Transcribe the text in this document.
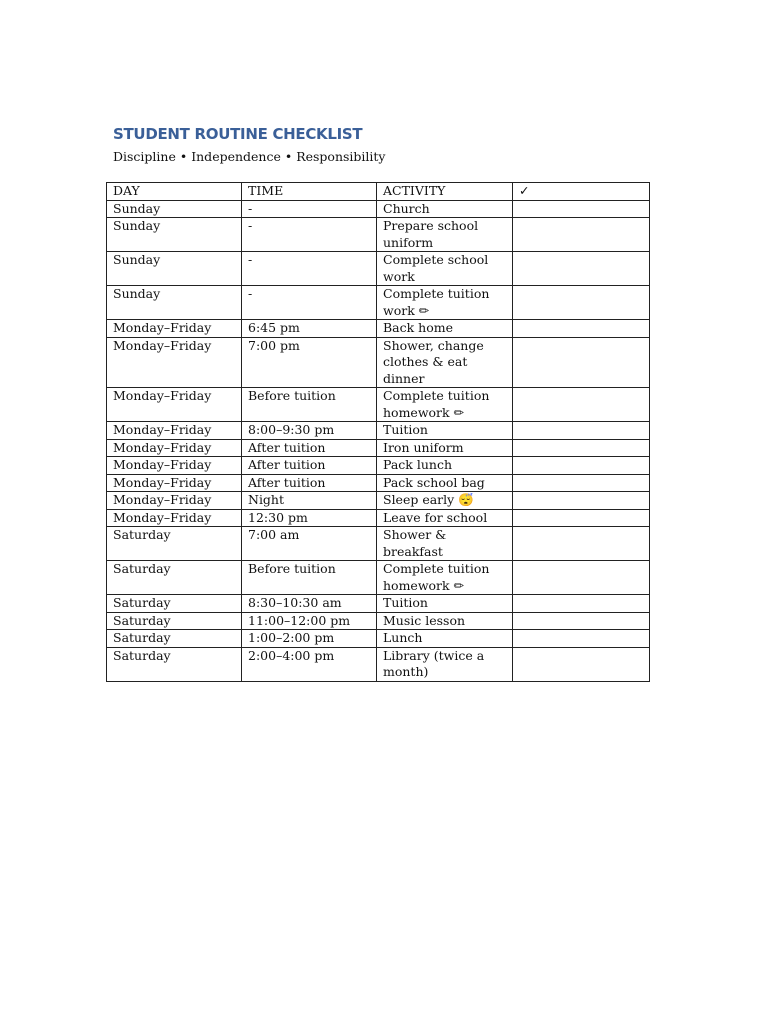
STUDENT ROUTINE CHECKLIST
Discipline • Independence • Responsibility
DAY	TIME	ACTIVITY	✓
Sunday	-	Church	
Sunday	-	Prepare school uniform	
Sunday	-	Complete school work	
Sunday	-	Complete tuition work ✏	
Monday–Friday	6:45 pm	Back home	
Monday–Friday	7:00 pm	Shower, change clothes & eat dinner	
Monday–Friday	Before tuition	Complete tuition homework ✏	
Monday–Friday	8:00–9:30 pm	Tuition	
Monday–Friday	After tuition	Iron uniform	
Monday–Friday	After tuition	Pack lunch	
Monday–Friday	After tuition	Pack school bag	
Monday–Friday	Night	Sleep early 😴	
Monday–Friday	12:30 pm	Leave for school	
Saturday	7:00 am	Shower & breakfast	
Saturday	Before tuition	Complete tuition homework ✏	
Saturday	8:30–10:30 am	Tuition	
Saturday	11:00–12:00 pm	Music lesson	
Saturday	1:00–2:00 pm	Lunch	
Saturday	2:00–4:00 pm	Library (twice a month)	
